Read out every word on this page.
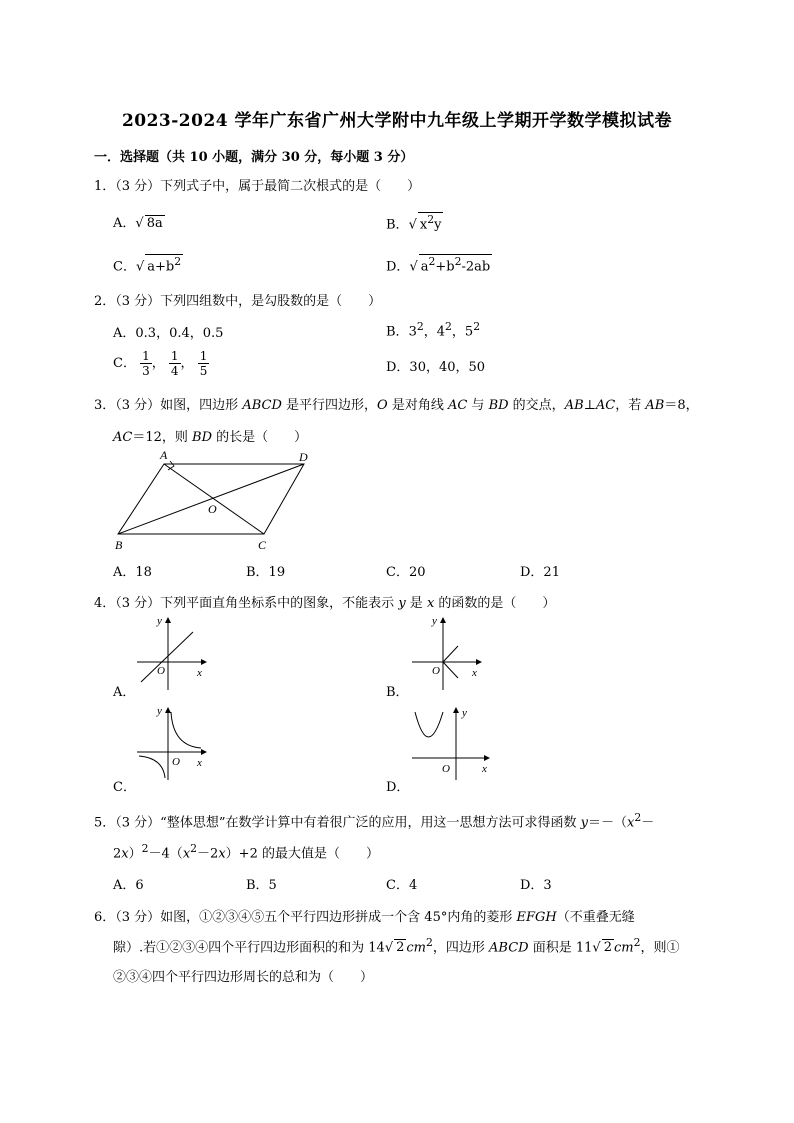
2023-2024 学年广东省广州大学附中九年级上学期开学数学模拟试卷
一．选择题（共 10 小题，满分 30 分，每小题 3 分）
1．（3 分）下列式子中，属于最简二次根式的是（　　）
A．√ 8a	B．√ $x^2y$
C．√ $a+b^2$	D．√ $a^2+b^2-2ab$
2．（3 分）下列四组数中，是勾股数的是（　　）
A．0.3，0.4，0.5	B．$3^2$，$4^2$，$5^2$
C． $\frac{1}{3}$ ， $\frac{1}{4}$ ， $\frac{1}{5}$	D．30，40，50
3．（3 分）如图，四边形 ABCD 是平行四边形，O 是对角线 AC 与 BD 的交点，AB⊥AC，若 AB＝8，
AC＝12，则 BD 的长是（　　）
A	D
B	C
O
A．18	B．19	C．20	D．21
4．（3 分）下列平面直角坐标系中的图象，不能表示 y 是 x 的函数的是（　　）
y
x
O
A．
y
x
O
B．
y
x
O
C．
y
x
O
D．
5．（3 分）“整体思想”在数学计算中有着很广泛的应用，用这一思想方法可求得函数 $y=-(x^2-$
$2x)^2-4(x^2-2x)+2$ 的最大值是（　　）
A．6	B．5	C．4	D．3
6．（3 分）如图，①②③④⑤五个平行四边形拼成一个含 45°内角的菱形 EFGH（不重叠无缝
隙）.若①②③④四个平行四边形面积的和为 14√ 2 $cm^2$，四边形 ABCD 面积是 11√ 2 $cm^2$，则①
②③④四个平行四边形周长的总和为（　　）
